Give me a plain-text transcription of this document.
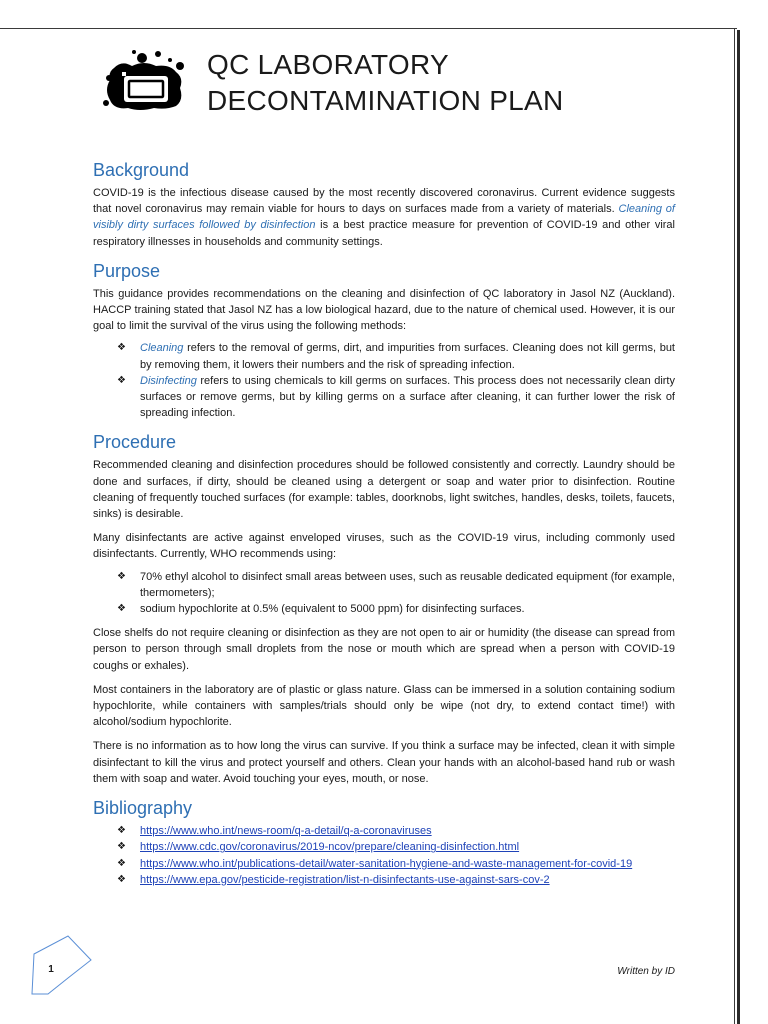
QC LABORATORY
DECONTAMINATION PLAN
Background

COVID-19 is the infectious disease caused by the most recently discovered coronavirus. Current evidence suggests that novel coronavirus may remain viable for hours to days on surfaces made from a variety of materials. Cleaning of visibly dirty surfaces followed by disinfection is a best practice measure for prevention of COVID-19 and other viral respiratory illnesses in households and community settings.

Purpose

This guidance provides recommendations on the cleaning and disinfection of QC laboratory in Jasol NZ (Auckland). HACCP training stated that Jasol NZ has a low biological hazard, due to the nature of chemical used. However, it is our goal to limit the survival of the virus using the following methods:

❖ Cleaning refers to the removal of germs, dirt, and impurities from surfaces. Cleaning does not kill germs, but by removing them, it lowers their numbers and the risk of spreading infection.
❖ Disinfecting refers to using chemicals to kill germs on surfaces. This process does not necessarily clean dirty surfaces or remove germs, but by killing germs on a surface after cleaning, it can further lower the risk of spreading infection.
Procedure

Recommended cleaning and disinfection procedures should be followed consistently and correctly. Laundry should be done and surfaces, if dirty, should be cleaned using a detergent or soap and water prior to disinfection. Routine cleaning of frequently touched surfaces (for example: tables, doorknobs, light switches, handles, desks, toilets, faucets, sinks) is desirable.

Many disinfectants are active against enveloped viruses, such as the COVID-19 virus, including commonly used disinfectants. Currently, WHO recommends using:

❖ 70% ethyl alcohol to disinfect small areas between uses, such as reusable dedicated equipment (for example, thermometers);
❖ sodium hypochlorite at 0.5% (equivalent to 5000 ppm) for disinfecting surfaces.

Close shelfs do not require cleaning or disinfection as they are not open to air or humidity (the disease can spread from person to person through small droplets from the nose or mouth which are spread when a person with COVID-19 coughs or exhales).

Most containers in the laboratory are of plastic or glass nature. Glass can be immersed in a solution containing sodium hypochlorite, while containers with samples/trials should only be wipe (not dry, to extend contact time!) with alcohol/sodium hypochlorite.

There is no information as to how long the virus can survive. If you think a surface may be infected, clean it with simple disinfectant to kill the virus and protect yourself and others. Clean your hands with an alcohol-based hand rub or wash them with soap and water. Avoid touching your eyes, mouth, or nose.

Bibliography
❖ https://www.who.int/news-room/q-a-detail/q-a-coronaviruses
❖ https://www.cdc.gov/coronavirus/2019-ncov/prepare/cleaning-disinfection.html
❖ https://www.who.int/publications-detail/water-sanitation-hygiene-and-waste-management-for-covid-19
❖ https://www.epa.gov/pesticide-registration/list-n-disinfectants-use-against-sars-cov-2
1	Written by ID
